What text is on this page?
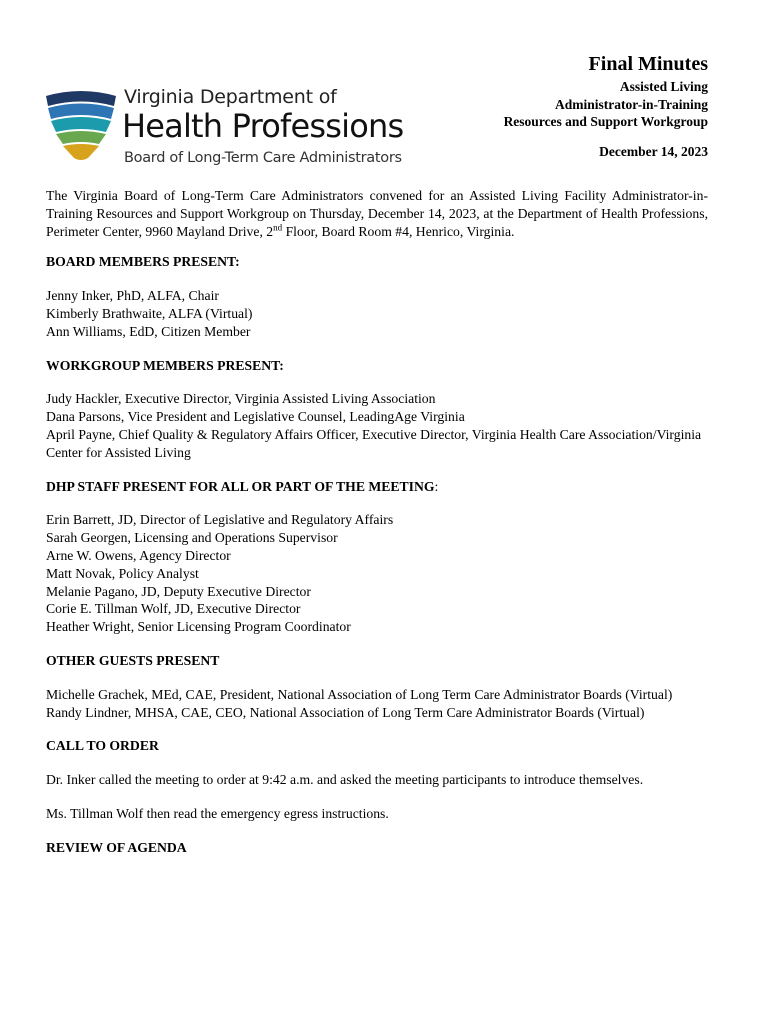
Virginia Department of
Health Professions
Board of Long-Term Care Administrators
Final Minutes
Assisted Living
Administrator-in-Training
Resources and Support Workgroup
December 14, 2023

The Virginia Board of Long-Term Care Administrators convened for an Assisted Living Facility Administrator-in-Training Resources and Support Workgroup on Thursday, December 14, 2023, at the Department of Health Professions, Perimeter Center, 9960 Mayland Drive, 2nd Floor, Board Room #4, Henrico, Virginia.

BOARD MEMBERS PRESENT:
Jenny Inker, PhD, ALFA, Chair
Kimberly Brathwaite, ALFA (Virtual)
Ann Williams, EdD, Citizen Member
WORKGROUP MEMBERS PRESENT:
Judy Hackler, Executive Director, Virginia Assisted Living Association
Dana Parsons, Vice President and Legislative Counsel, LeadingAge Virginia
April Payne, Chief Quality & Regulatory Affairs Officer, Executive Director, Virginia Health Care Association/Virginia Center for Assisted Living
DHP STAFF PRESENT FOR ALL OR PART OF THE MEETING:
Erin Barrett, JD, Director of Legislative and Regulatory Affairs
Sarah Georgen, Licensing and Operations Supervisor
Arne W. Owens, Agency Director
Matt Novak, Policy Analyst
Melanie Pagano, JD, Deputy Executive Director
Corie E. Tillman Wolf, JD, Executive Director
Heather Wright, Senior Licensing Program Coordinator
OTHER GUESTS PRESENT
Michelle Grachek, MEd, CAE, President, National Association of Long Term Care Administrator Boards (Virtual)
Randy Lindner, MHSA, CAE, CEO, National Association of Long Term Care Administrator Boards (Virtual)
CALL TO ORDER

Dr. Inker called the meeting to order at 9:42 a.m. and asked the meeting participants to introduce themselves.

Ms. Tillman Wolf then read the emergency egress instructions.

REVIEW OF AGENDA
